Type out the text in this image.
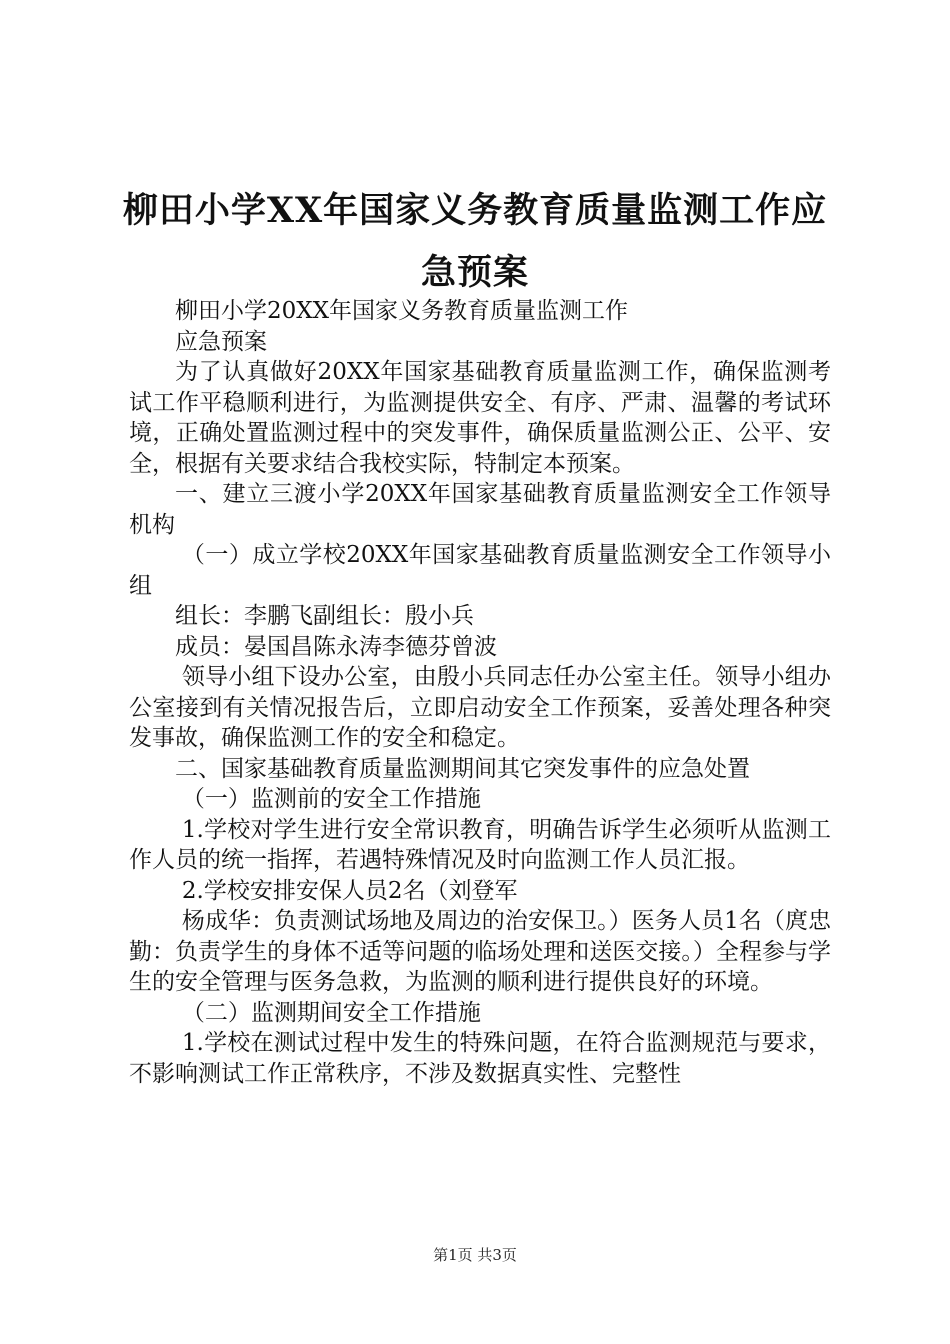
柳田小学XX年国家义务教育质量监测工作应
急预案

柳田小学20XX年国家义务教育质量监测工作

应急预案

为了认真做好20XX年国家基础教育质量监测工作，确保监测考试工作平稳顺利进行，为监测提供安全、有序、严肃、温馨的考试环境，正确处置监测过程中的突发事件，确保质量监测公正、公平、安全，根据有关要求结合我校实际，特制定本预案。

一、建立三渡小学20XX年国家基础教育质量监测安全工作领导机构

（一）成立学校20XX年国家基础教育质量监测安全工作领导小组

组长：李鹏飞副组长：殷小兵

成员：晏国昌陈永涛李德芬曾波

领导小组下设办公室，由殷小兵同志任办公室主任。领导小组办公室接到有关情况报告后，立即启动安全工作预案，妥善处理各种突发事故，确保监测工作的安全和稳定。

二、国家基础教育质量监测期间其它突发事件的应急处置

（一）监测前的安全工作措施

1.学校对学生进行安全常识教育，明确告诉学生必须听从监测工作人员的统一指挥，若遇特殊情况及时向监测工作人员汇报。

2.学校安排安保人员2名（刘登军

杨成华：负责测试场地及周边的治安保卫。）医务人员1名（庹忠勤：负责学生的身体不适等问题的临场处理和送医交接。）全程参与学生的安全管理与医务急救，为监测的顺利进行提供良好的环境。

（二）监测期间安全工作措施

1.学校在测试过程中发生的特殊问题，在符合监测规范与要求，不影响测试工作正常秩序，不涉及数据真实性、完整性

第1页 共3页
